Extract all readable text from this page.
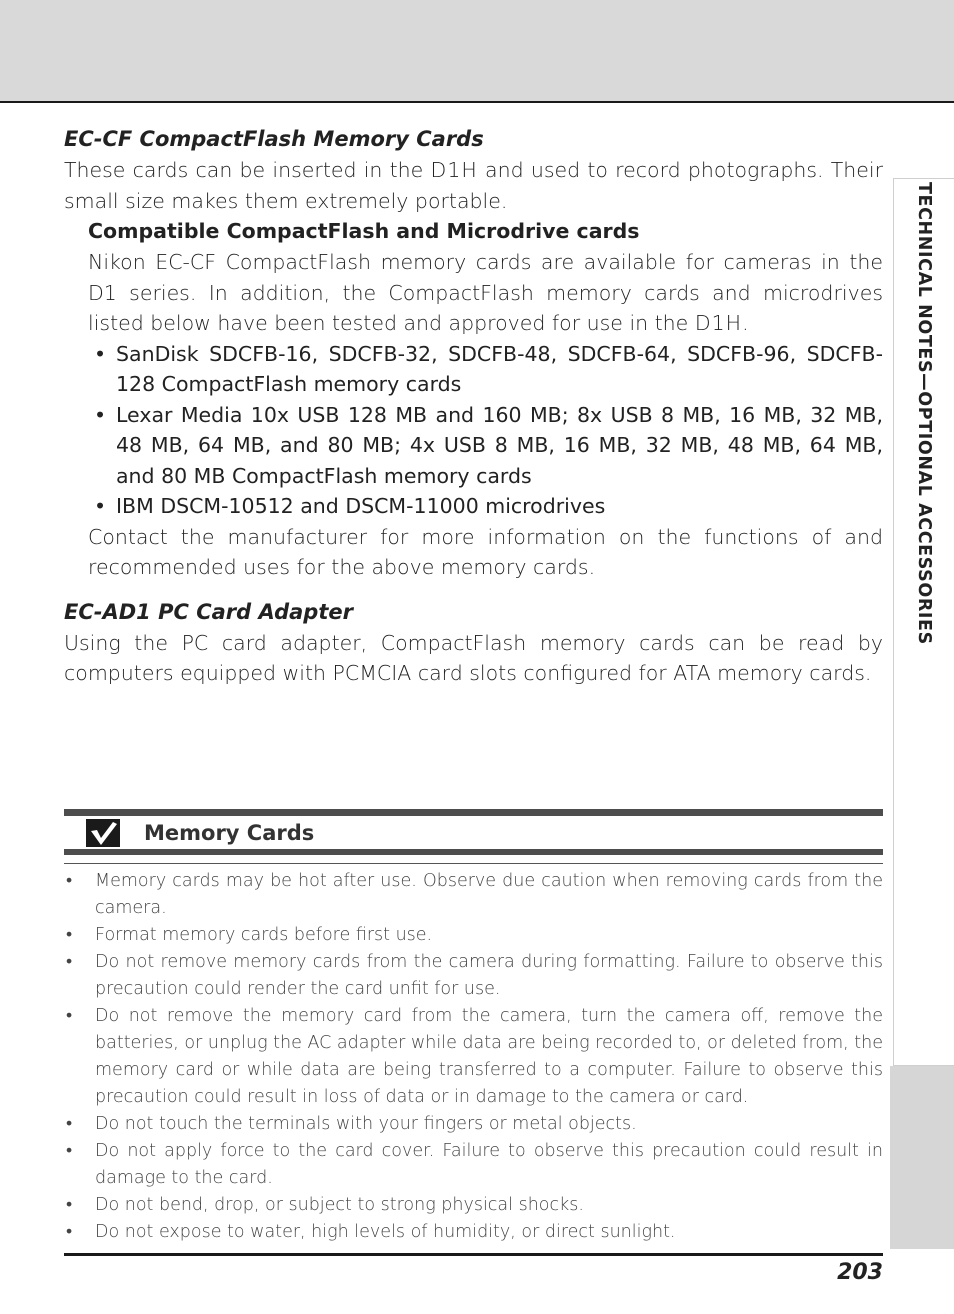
TECHNICAL NOTES—OPTIONAL ACCESSORIES
EC-CF CompactFlash Memory Cards

These cards can be inserted in the D1H and used to record photographs. Their small size makes them extremely portable.

Compatible CompactFlash and Microdrive cards

Nikon EC-CF CompactFlash memory cards are available for cameras in the D1 series. In addition, the CompactFlash memory cards and microdrives listed below have been tested and approved for use in the D1H.

• SanDisk SDCFB-16, SDCFB-32, SDCFB-48, SDCFB-64, SDCFB-96, SDCFB-128 CompactFlash memory cards
• Lexar Media 10x USB 128 MB and 160 MB; 8x USB 8 MB, 16 MB, 32 MB, 48 MB, 64 MB, and 80 MB; 4x USB 8 MB, 16 MB, 32 MB, 48 MB, 64 MB, and 80 MB CompactFlash memory cards
• IBM DSCM-10512 and DSCM-11000 microdrives

Contact the manufacturer for more information on the functions of and recommended uses for the above memory cards.

EC-AD1 PC Card Adapter

Using the PC card adapter, CompactFlash memory cards can be read by computers equipped with PCMCIA card slots configured for ATA memory cards.

Memory Cards
• Memory cards may be hot after use. Observe due caution when removing cards from the camera.
• Format memory cards before first use.
• Do not remove memory cards from the camera during formatting. Failure to observe this precaution could render the card unfit for use.
• Do not remove the memory card from the camera, turn the camera off, remove the batteries, or unplug the AC adapter while data are being recorded to, or deleted from, the memory card or while data are being transferred to a computer. Failure to observe this precaution could result in loss of data or in damage to the camera or card.
• Do not touch the terminals with your fingers or metal objects.
• Do not apply force to the card cover. Failure to observe this precaution could result in damage to the card.
• Do not bend, drop, or subject to strong physical shocks.
• Do not expose to water, high levels of humidity, or direct sunlight.
203
